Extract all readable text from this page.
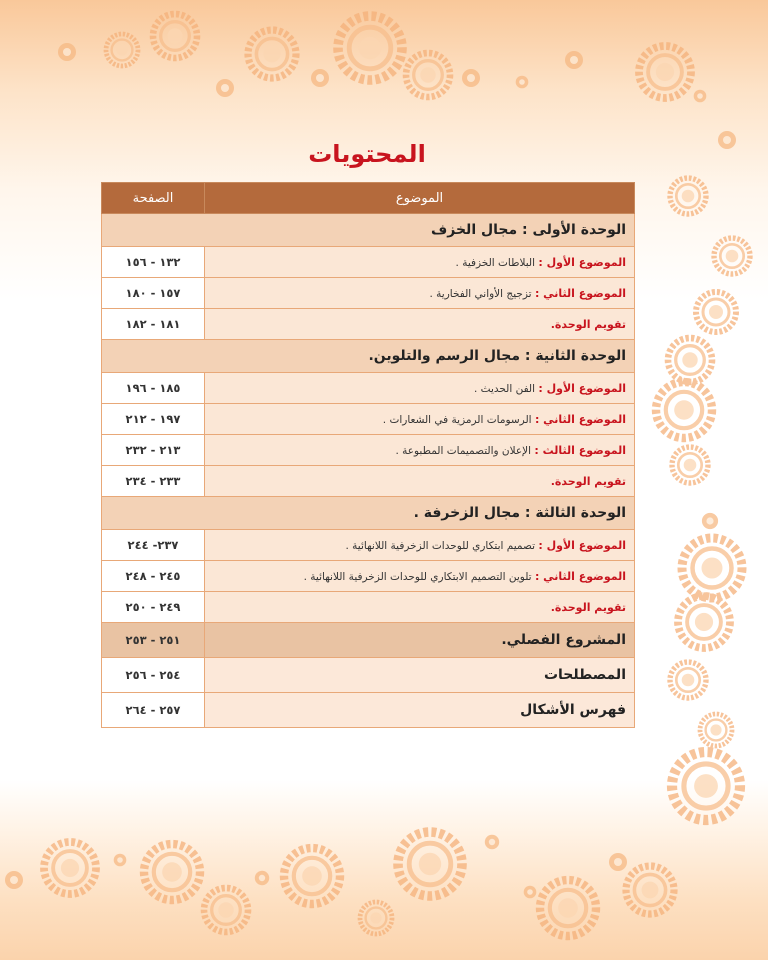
المحتويات
الموضوع	الصفحة
الوحدة الأولى : مجال الخزف	
الموضوع الأول : البلاطات الخزفية .	١٣٢ - ١٥٦
الموضوع الثاني : تزجيج الأواني الفخارية .	١٥٧ - ١٨٠
تقويم الوحدة.	١٨١ - ١٨٢
الوحدة الثانية : مجال الرسم والتلوين.	
الموضوع الأول : الفن الحديث .	١٨٥ - ١٩٦
الموضوع الثاني : الرسومات الرمزية في الشعارات .	١٩٧ - ٢١٢
الموضوع الثالث : الإعلان والتصميمات المطبوعة .	٢١٣ - ٢٣٢
تقويم الوحدة.	٢٣٣ - ٢٣٤
الوحدة الثالثة : مجال الزخرفة .	
الموضوع الأول : تصميم ابتكاري للوحدات الزخرفية اللانهائية .	٢٣٧- ٢٤٤
الموضوع الثاني : تلوين التصميم الابتكاري للوحدات الزخرفية اللانهائية .	٢٤٥ - ٢٤٨
تقويم الوحدة.	٢٤٩ - ٢٥٠
المشروع الفصلي.	٢٥١ - ٢٥٣
المصطلحات	٢٥٤ - ٢٥٦
فهرس الأشكال	٢٥٧ - ٢٦٤
